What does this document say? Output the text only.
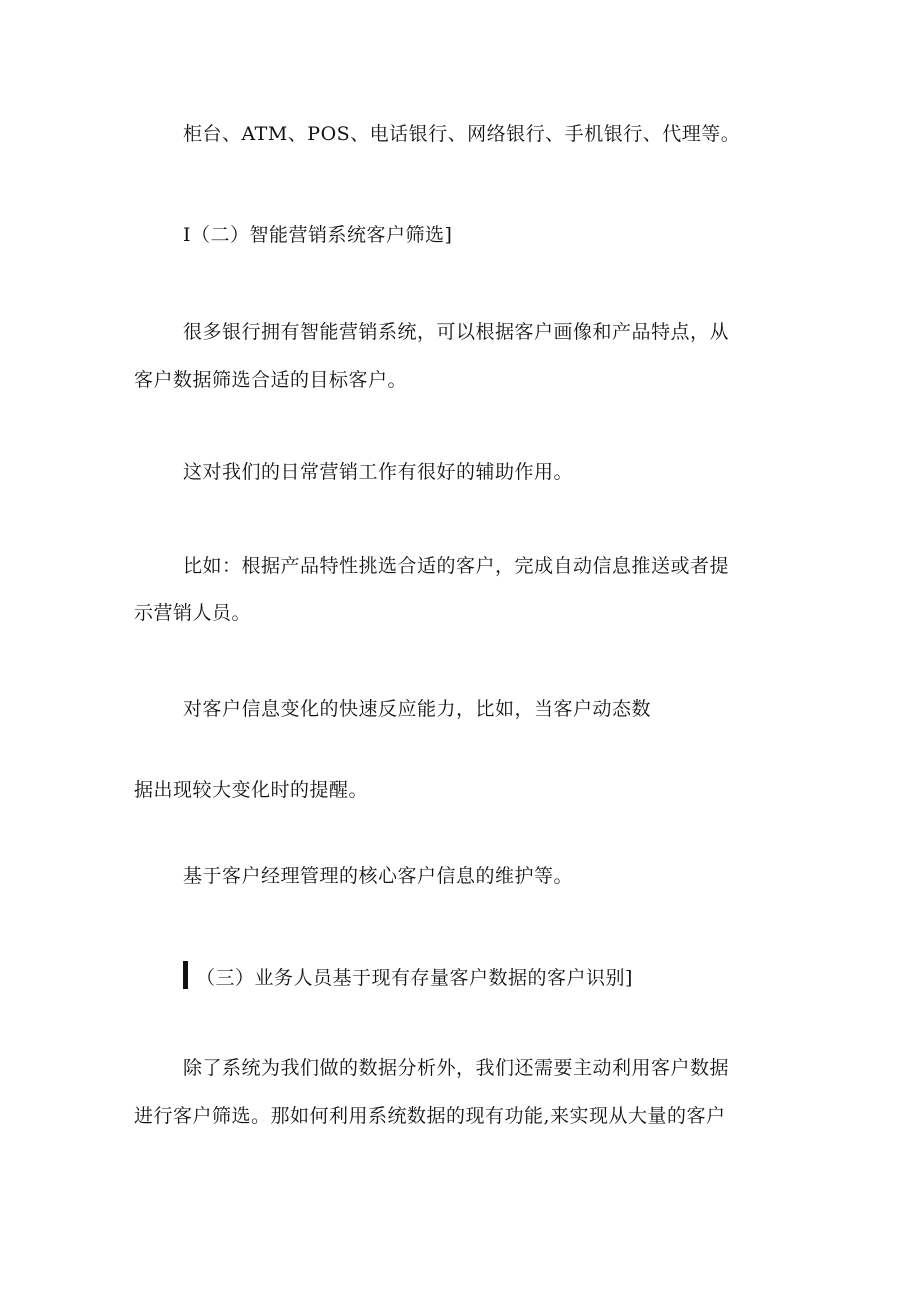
柜台、ATM、POS、电话银行、网络银行、手机银行、代理等。
I（二）智能营销系统客户筛选]
很多银行拥有智能营销系统，可以根据客户画像和产品特点，从
客户数据筛选合适的目标客户。
这对我们的日常营销工作有很好的辅助作用。
比如：根据产品特性挑选合适的客户，完成自动信息推送或者提
示营销人员。
对客户信息变化的快速反应能力，比如，当客户动态数
据出现较大变化时的提醒。
基于客户经理管理的核心客户信息的维护等。
（三）业务人员基于现有存量客户数据的客户识别]
除了系统为我们做的数据分析外，我们还需要主动利用客户数据
进行客户筛选。那如何利用系统数据的现有功能,来实现从大量的客户
